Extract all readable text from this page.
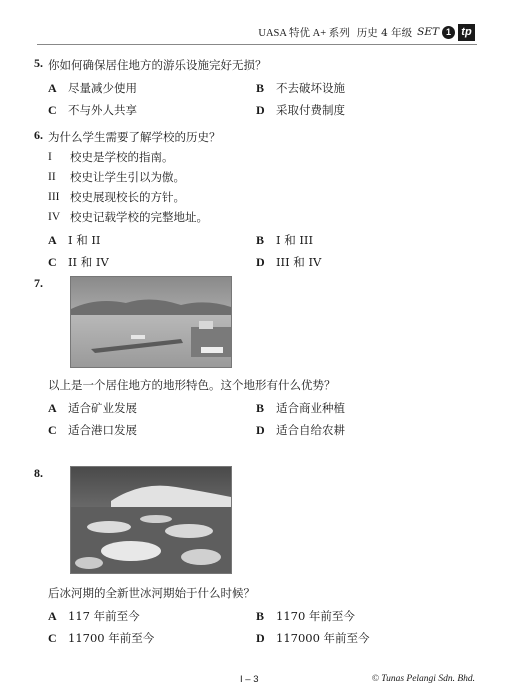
UASA 特优 A+ 系列 历史 4 年级 SET 1 tp
5. 你如何确保居住地方的游乐设施完好无损？
A 尽量减少使用	B 不去破坏设施
C 不与外人共享	D 采取付费制度
6. 为什么学生需要了解学校的历史？
I	校史是学校的指南。
II	校史让学生引以为傲。
III 校史展现校长的方针。
IV 校史记载学校的完整地址。
A I 和 II	B I 和 III
C II 和 IV	D III 和 IV
7.
以上是一个居住地方的地形特色。这个地形有什么优势？
A 适合矿业发展	B 适合商业种植
C 适合港口发展	D 适合自给农耕
8.
后冰河期的全新世冰河期始于什么时候？
A 117 年前至今	B 1170 年前至今
C 11700 年前至今	D 117000 年前至今
I – 3	© Tunas Pelangi Sdn. Bhd.
